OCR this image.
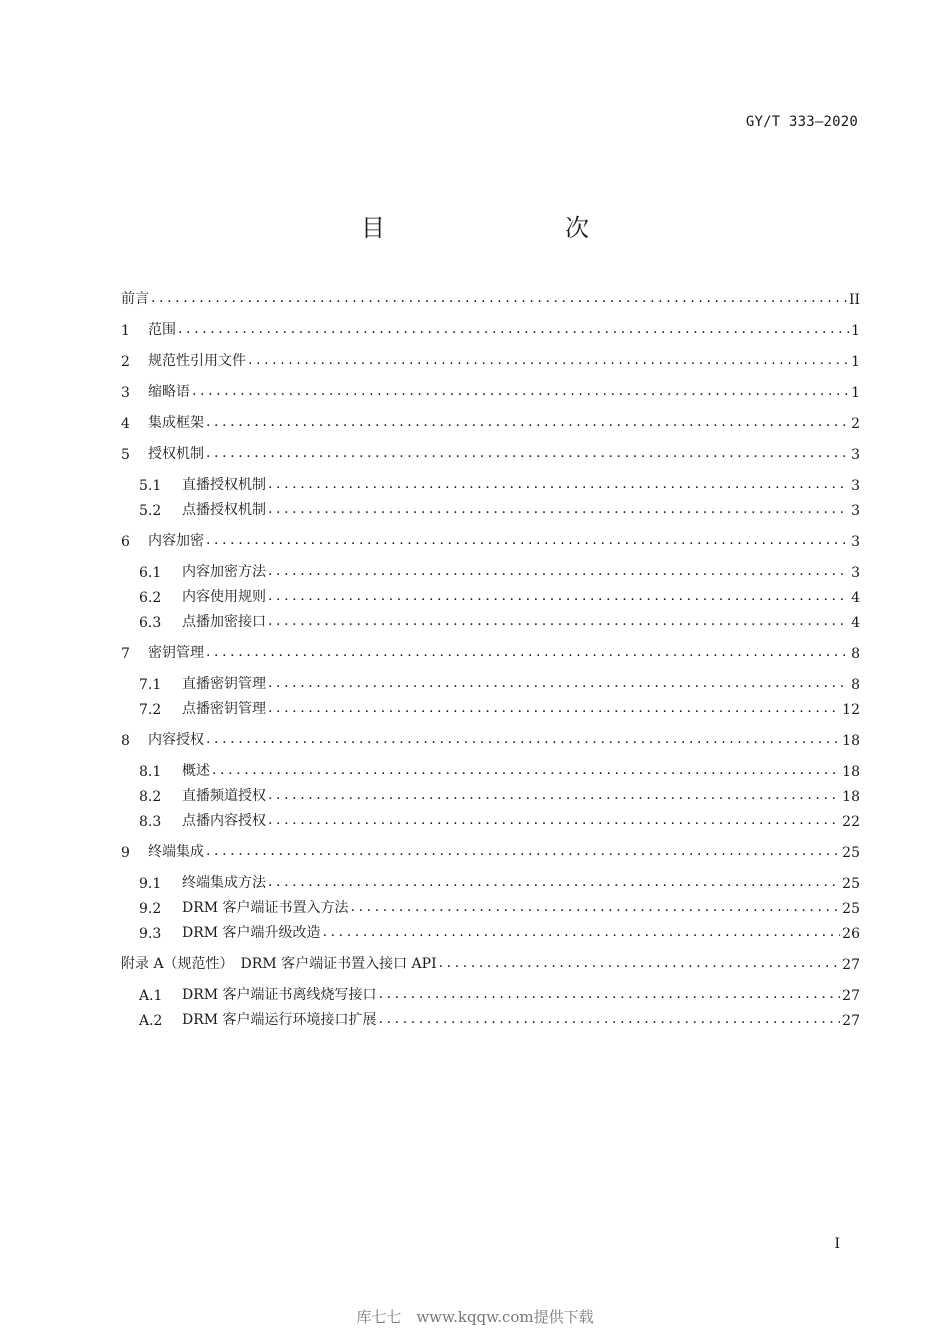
GY/T 333—2020
目　　次
前言 .....	II
1	范围 .....	1
2	规范性引用文件 .....	1
3	缩略语 .....	1
4	集成框架 .....	2
5	授权机制 .....	3
5.1	直播授权机制 .....	3
5.2	点播授权机制 .....	3
6	内容加密 .....	3
6.1	内容加密方法 .....	3
6.2	内容使用规则 .....	4
6.3	点播加密接口 .....	4
7	密钥管理 .....	8
7.1	直播密钥管理 .....	8
7.2	点播密钥管理 .....	12
8	内容授权 .....	18
8.1	概述 .....	18
8.2	直播频道授权 .....	18
8.3	点播内容授权 .....	22
9	终端集成 .....	25
9.1	终端集成方法 .....	25
9.2	DRM 客户端证书置入方法 .....	25
9.3	DRM 客户端升级改造 .....	26
附录 A（规范性）　DRM 客户端证书置入接口 API .....	27
A.1	DRM 客户端证书离线烧写接口 .....	27
A.2	DRM 客户端运行环境接口扩展 .....	27
I
库七七　www.kqqw.com提供下载
